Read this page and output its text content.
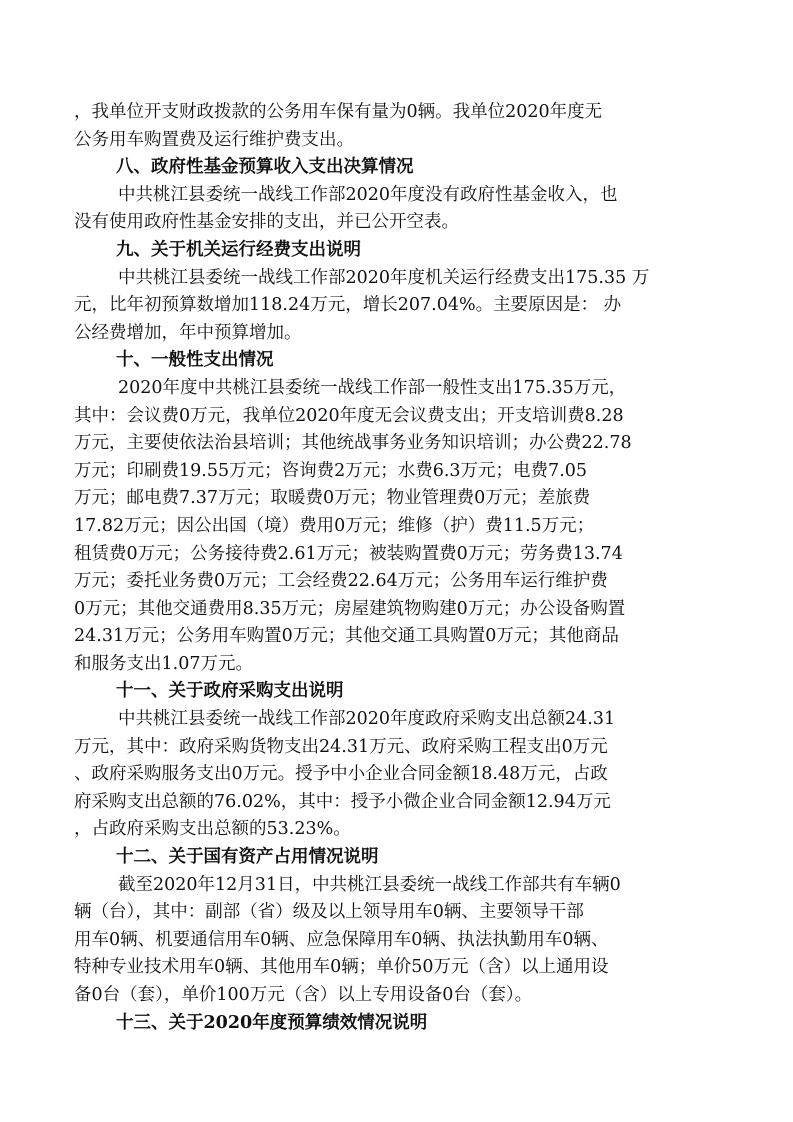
，我单位开支财政拨款的公务用车保有量为0辆。我单位2020年度无
公务用车购置费及运行维护费支出。
八、政府性基金预算收入支出决算情况
中共桃江县委统一战线工作部2020年度没有政府性基金收入，也
没有使用政府性基金安排的支出，并已公开空表。
九、关于机关运行经费支出说明
中共桃江县委统一战线工作部2020年度机关运行经费支出175.35 万
元，比年初预算数增加118.24万元，增长207.04%。主要原因是： 办
公经费增加，年中预算增加。
十、一般性支出情况
2020年度中共桃江县委统一战线工作部一般性支出175.35万元，
其中：会议费0万元，我单位2020年度无会议费支出；开支培训费8.28
万元，主要使依法治县培训；其他统战事务业务知识培训；办公费22.78
万元；印刷费19.55万元；咨询费2万元；水费6.3万元；电费7.05
万元；邮电费7.37万元；取暖费0万元；物业管理费0万元；差旅费
17.82万元；因公出国（境）费用0万元；维修（护）费11.5万元；
租赁费0万元；公务接待费2.61万元；被装购置费0万元；劳务费13.74
万元；委托业务费0万元；工会经费22.64万元；公务用车运行维护费
0万元；其他交通费用8.35万元；房屋建筑物购建0万元；办公设备购置
24.31万元；公务用车购置0万元；其他交通工具购置0万元；其他商品
和服务支出1.07万元。
十一、关于政府采购支出说明
中共桃江县委统一战线工作部2020年度政府采购支出总额24.31
万元，其中：政府采购货物支出24.31万元、政府采购工程支出0万元
、政府采购服务支出0万元。授予中小企业合同金额18.48万元，占政
府采购支出总额的76.02%，其中：授予小微企业合同金额12.94万元
，占政府采购支出总额的53.23%。
十二、关于国有资产占用情况说明
截至2020年12月31日，中共桃江县委统一战线工作部共有车辆0
辆（台），其中：副部（省）级及以上领导用车0辆、主要领导干部
用车0辆、机要通信用车0辆、应急保障用车0辆、执法执勤用车0辆、
特种专业技术用车0辆、其他用车0辆；单价50万元（含）以上通用设
备0台（套），单价100万元（含）以上专用设备0台（套）。
十三、关于2020年度预算绩效情况说明
